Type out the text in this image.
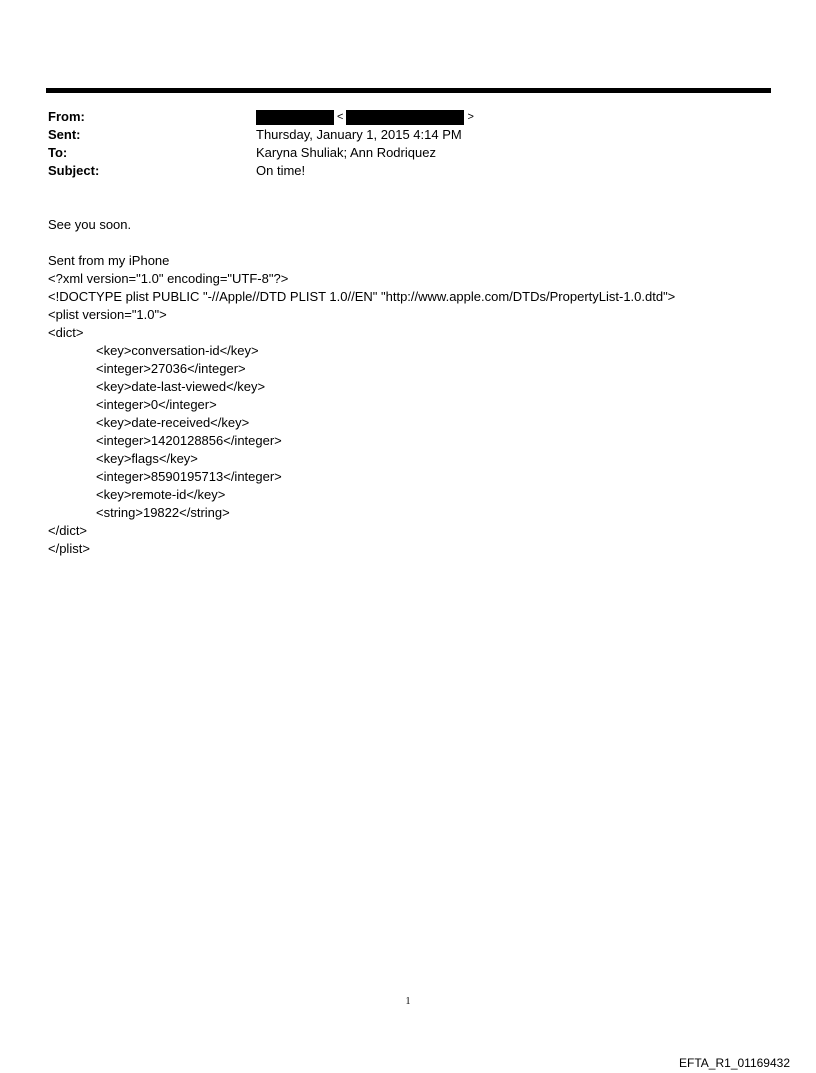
From:	<	>
Sent:	Thursday, January 1, 2015 4:14 PM
To:	Karyna Shuliak; Ann Rodriquez
Subject:	On time!
See you soon.
Sent from my iPhone
<?xml version="1.0" encoding="UTF-8"?>
<!DOCTYPE plist PUBLIC "-//Apple//DTD PLIST 1.0//EN" "http://www.apple.com/DTDs/PropertyList-1.0.dtd">
<plist version="1.0">
<dict>
<key>conversation-id</key>
<integer>27036</integer>
<key>date-last-viewed</key>
<integer>0</integer>
<key>date-received</key>
<integer>1420128856</integer>
<key>flags</key>
<integer>8590195713</integer>
<key>remote-id</key>
<string>19822</string>
</dict>
</plist>
1
EFTA_R1_01169432
